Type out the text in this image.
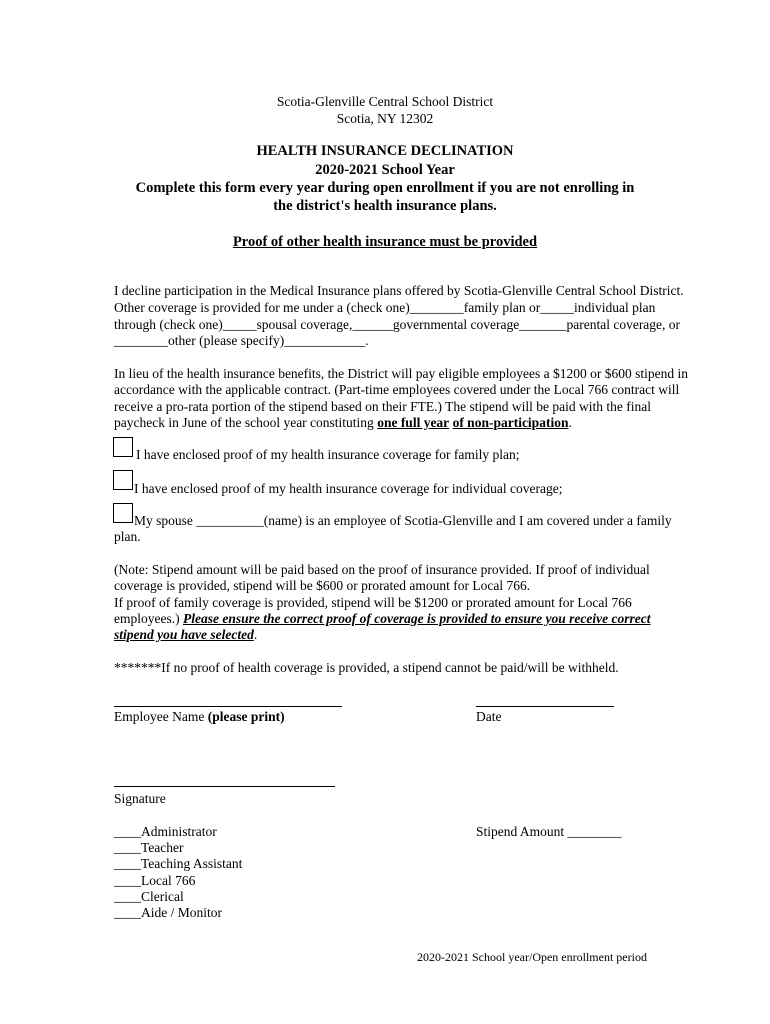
Scotia-Glenville Central School District
Scotia, NY 12302
HEALTH INSURANCE DECLINATION
2020-2021 School Year
Complete this form every year during open enrollment if you are not enrolling in
the district's health insurance plans.
Proof of other health insurance must be provided
I decline participation in the Medical Insurance plans offered by Scotia-Glenville Central School District.
Other coverage is provided for me under a (check one)________family plan or_____individual plan
through (check one)_____spousal coverage,______governmental coverage_______parental coverage, or
________other (please specify)____________.
In lieu of the health insurance benefits, the District will pay eligible employees a $1200 or $600 stipend in
accordance with the applicable contract. (Part-time employees covered under the Local 766 contract will
receive a pro-rata portion of the stipend based on their FTE.) The stipend will be paid with the final
paycheck in June of the school year constituting one full year of non-participation.
I have enclosed proof of my health insurance coverage for family plan;
I have enclosed proof of my health insurance coverage for individual coverage;
My spouse __________(name) is an employee of Scotia-Glenville and I am covered under a family
plan.
(Note: Stipend amount will be paid based on the proof of insurance provided. If proof of individual
coverage is provided, stipend will be $600 or prorated amount for Local 766.
If proof of family coverage is provided, stipend will be $1200 or prorated amount for Local 766
employees.) Please ensure the correct proof of coverage is provided to ensure you receive correct
stipend you have selected.
*******If no proof of health coverage is provided, a stipend cannot be paid/will be withheld.
Employee Name (please print)	Date
Signature
____Administrator
____Teacher
____Teaching Assistant
____Local 766
____Clerical
____Aide / Monitor
Stipend Amount ________
2020-2021 School year/Open enrollment period
